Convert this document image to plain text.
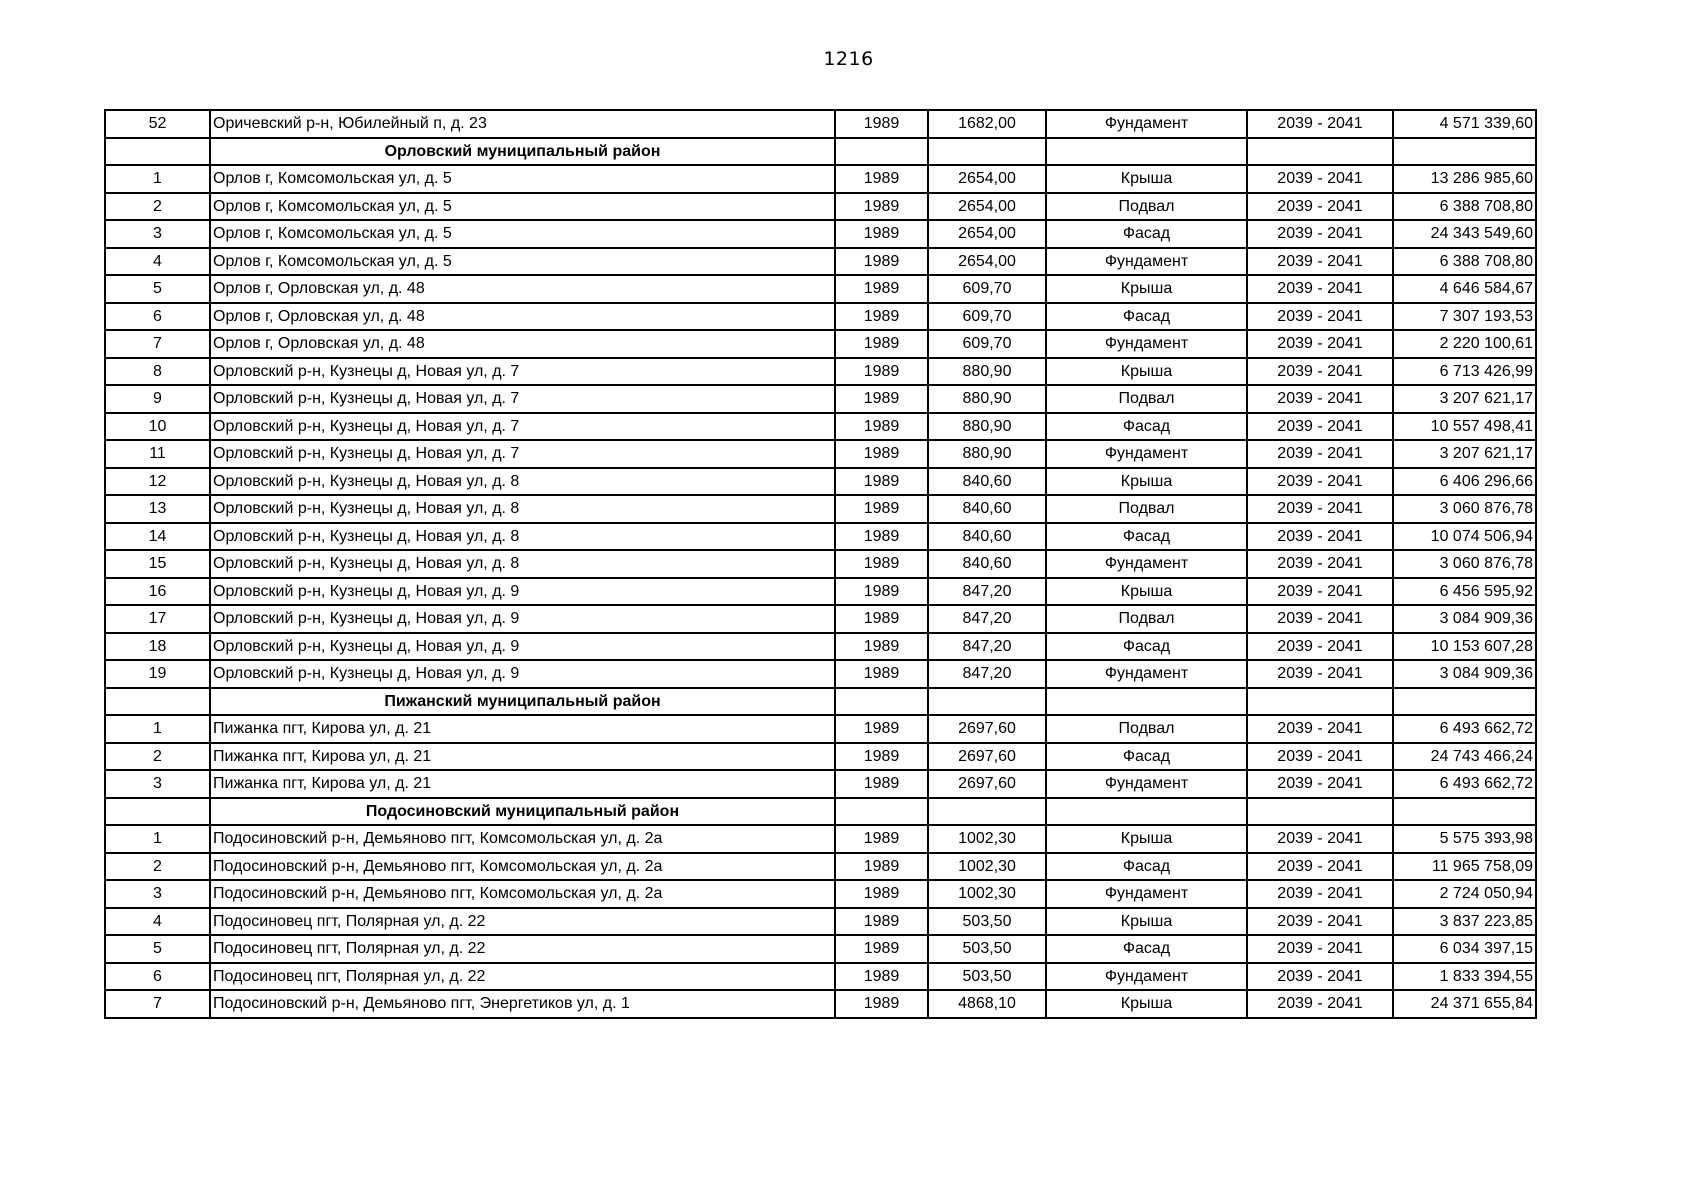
1216
52	Оричевский р-н, Юбилейный п, д. 23	1989	1682,00	Фундамент	2039 - 2041	4 571 339,60
	Орловский муниципальный район					
1	Орлов г, Комсомольская ул, д. 5	1989	2654,00	Крыша	2039 - 2041	13 286 985,60
2	Орлов г, Комсомольская ул, д. 5	1989	2654,00	Подвал	2039 - 2041	6 388 708,80
3	Орлов г, Комсомольская ул, д. 5	1989	2654,00	Фасад	2039 - 2041	24 343 549,60
4	Орлов г, Комсомольская ул, д. 5	1989	2654,00	Фундамент	2039 - 2041	6 388 708,80
5	Орлов г, Орловская ул, д. 48	1989	609,70	Крыша	2039 - 2041	4 646 584,67
6	Орлов г, Орловская ул, д. 48	1989	609,70	Фасад	2039 - 2041	7 307 193,53
7	Орлов г, Орловская ул, д. 48	1989	609,70	Фундамент	2039 - 2041	2 220 100,61
8	Орловский р-н, Кузнецы д, Новая ул, д. 7	1989	880,90	Крыша	2039 - 2041	6 713 426,99
9	Орловский р-н, Кузнецы д, Новая ул, д. 7	1989	880,90	Подвал	2039 - 2041	3 207 621,17
10	Орловский р-н, Кузнецы д, Новая ул, д. 7	1989	880,90	Фасад	2039 - 2041	10 557 498,41
11	Орловский р-н, Кузнецы д, Новая ул, д. 7	1989	880,90	Фундамент	2039 - 2041	3 207 621,17
12	Орловский р-н, Кузнецы д, Новая ул, д. 8	1989	840,60	Крыша	2039 - 2041	6 406 296,66
13	Орловский р-н, Кузнецы д, Новая ул, д. 8	1989	840,60	Подвал	2039 - 2041	3 060 876,78
14	Орловский р-н, Кузнецы д, Новая ул, д. 8	1989	840,60	Фасад	2039 - 2041	10 074 506,94
15	Орловский р-н, Кузнецы д, Новая ул, д. 8	1989	840,60	Фундамент	2039 - 2041	3 060 876,78
16	Орловский р-н, Кузнецы д, Новая ул, д. 9	1989	847,20	Крыша	2039 - 2041	6 456 595,92
17	Орловский р-н, Кузнецы д, Новая ул, д. 9	1989	847,20	Подвал	2039 - 2041	3 084 909,36
18	Орловский р-н, Кузнецы д, Новая ул, д. 9	1989	847,20	Фасад	2039 - 2041	10 153 607,28
19	Орловский р-н, Кузнецы д, Новая ул, д. 9	1989	847,20	Фундамент	2039 - 2041	3 084 909,36
	Пижанский муниципальный район					
1	Пижанка пгт, Кирова ул, д. 21	1989	2697,60	Подвал	2039 - 2041	6 493 662,72
2	Пижанка пгт, Кирова ул, д. 21	1989	2697,60	Фасад	2039 - 2041	24 743 466,24
3	Пижанка пгт, Кирова ул, д. 21	1989	2697,60	Фундамент	2039 - 2041	6 493 662,72
	Подосиновский муниципальный район					
1	Подосиновский р-н, Демьяново пгт, Комсомольская ул, д. 2а	1989	1002,30	Крыша	2039 - 2041	5 575 393,98
2	Подосиновский р-н, Демьяново пгт, Комсомольская ул, д. 2а	1989	1002,30	Фасад	2039 - 2041	11 965 758,09
3	Подосиновский р-н, Демьяново пгт, Комсомольская ул, д. 2а	1989	1002,30	Фундамент	2039 - 2041	2 724 050,94
4	Подосиновец пгт, Полярная ул, д. 22	1989	503,50	Крыша	2039 - 2041	3 837 223,85
5	Подосиновец пгт, Полярная ул, д. 22	1989	503,50	Фасад	2039 - 2041	6 034 397,15
6	Подосиновец пгт, Полярная ул, д. 22	1989	503,50	Фундамент	2039 - 2041	1 833 394,55
7	Подосиновский р-н, Демьяново пгт, Энергетиков ул, д. 1	1989	4868,10	Крыша	2039 - 2041	24 371 655,84
